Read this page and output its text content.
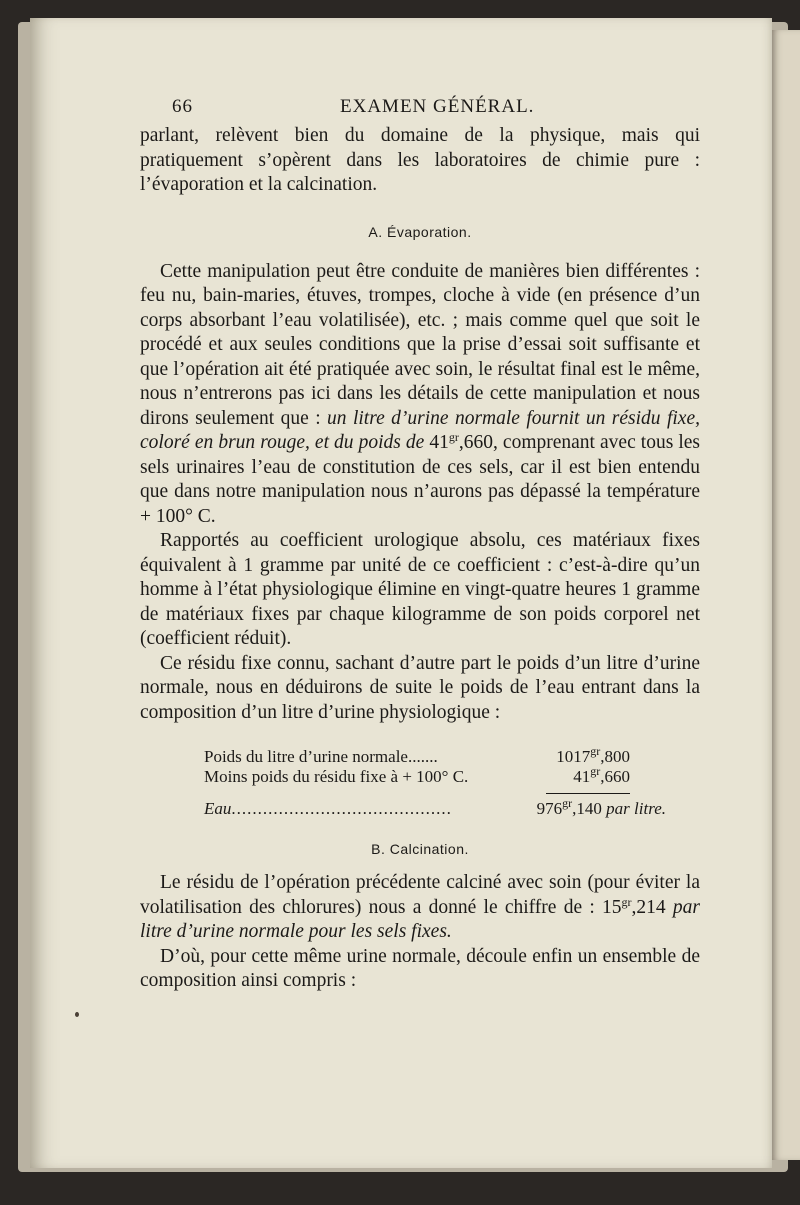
66	EXAMEN GÉNÉRAL.

parlant, relèvent bien du domaine de la physique, mais qui pratiquement s’opèrent dans les laboratoires de chimie pure : l’évaporation et la calcination.

A. Évaporation.

Cette manipulation peut être conduite de manières bien différentes : feu nu, bain-maries, étuves, trompes, cloche à vide (en présence d’un corps absorbant l’eau volatilisée), etc. ; mais comme quel que soit le procédé et aux seules conditions que la prise d’essai soit suffisante et que l’opération ait été pratiquée avec soin, le résultat final est le même, nous n’entrerons pas ici dans les détails de cette manipulation et nous dirons seulement que : un litre d’urine normale fournit un résidu fixe, coloré en brun rouge, et du poids de $41^{gr},660$, comprenant avec tous les sels urinaires l’eau de constitution de ces sels, car il est bien entendu que dans notre manipulation nous n’aurons pas dépassé la température + 100° C.

Rapportés au coefficient urologique absolu, ces matériaux fixes équivalent à 1 gramme par unité de ce coefficient : c’est-à-dire qu’un homme à l’état physiologique élimine en vingt-quatre heures 1 gramme de matériaux fixes par chaque kilogramme de son poids corporel net (coefficient réduit).

Ce résidu fixe connu, sachant d’autre part le poids d’un litre d’urine normale, nous en déduirons de suite le poids de l’eau entrant dans la composition d’un litre d’urine physiologique :

Poids du litre d’urine normale.......	$1017^{gr},800$
Moins poids du résidu fixe à + 100° C.	$41^{gr},660$
Eau..........................................	$976^{gr},140$ par litre.
B. Calcination.

Le résidu de l’opération précédente calciné avec soin (pour éviter la volatilisation des chlorures) nous a donné le chiffre de : $15^{gr},214$ par litre d’urine normale pour les sels fixes.

D’où, pour cette même urine normale, découle enfin un ensemble de composition ainsi compris :
